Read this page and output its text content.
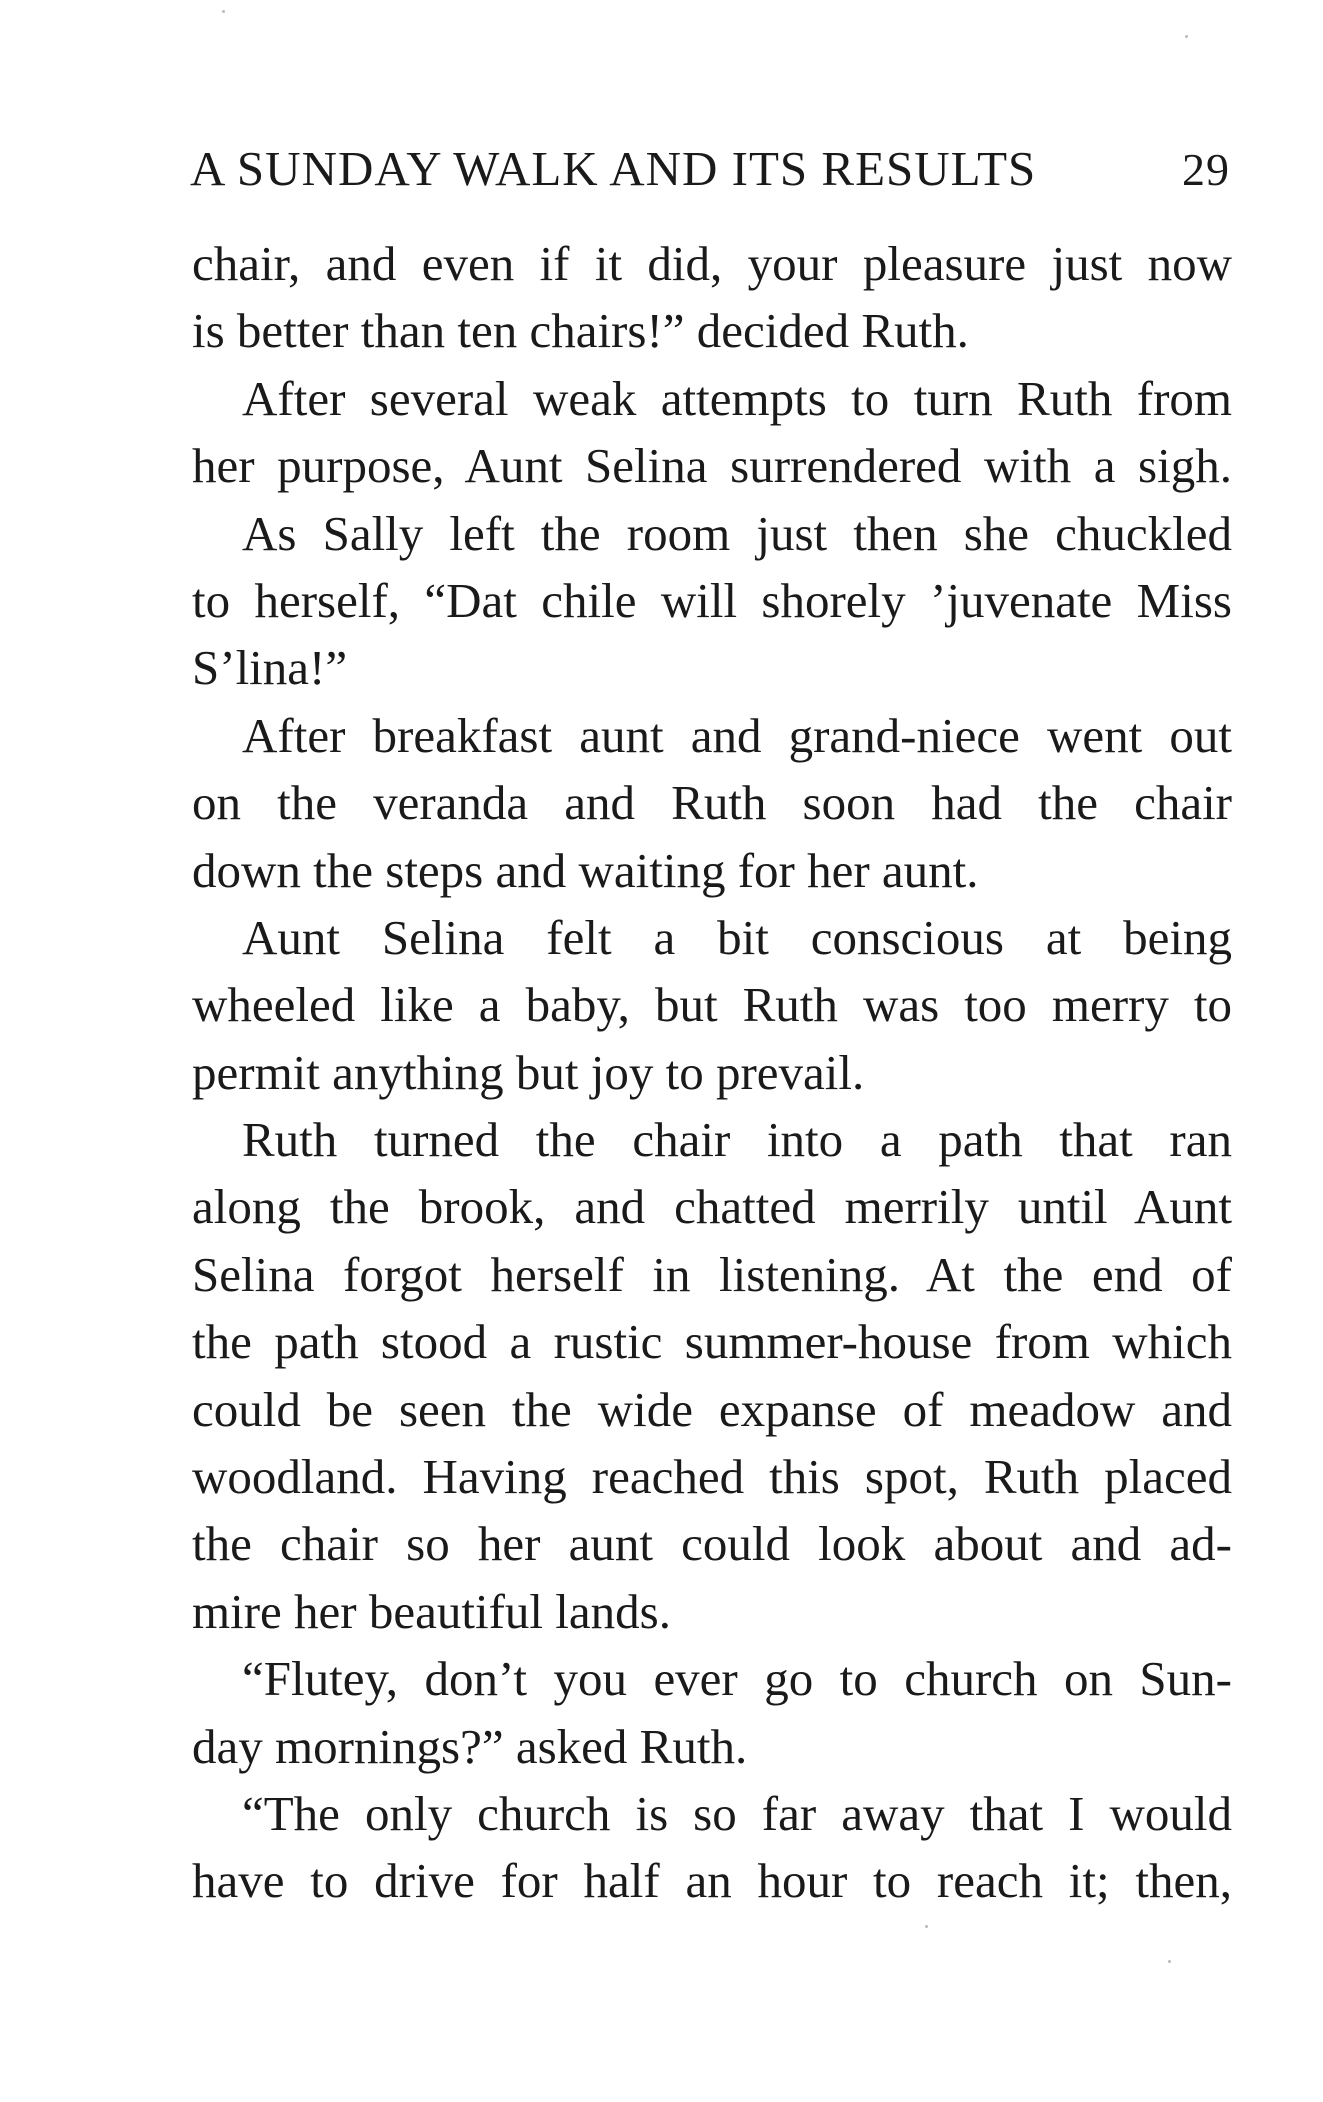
A SUNDAY WALK AND ITS RESULTS	29
chair, and even if it did, your pleasure just now
is better than ten chairs!” decided Ruth.
After several weak attempts to turn Ruth from
her purpose, Aunt Selina surrendered with a sigh.
As Sally left the room just then she chuckled
to herself, “Dat chile will shorely ’juvenate Miss
S’lina!”
After breakfast aunt and grand-niece went out
on the veranda and Ruth soon had the chair
down the steps and waiting for her aunt.
Aunt Selina felt a bit conscious at being
wheeled like a baby, but Ruth was too merry to
permit anything but joy to prevail.
Ruth turned the chair into a path that ran
along the brook, and chatted merrily until Aunt
Selina forgot herself in listening. At the end of
the path stood a rustic summer-house from which
could be seen the wide expanse of meadow and
woodland. Having reached this spot, Ruth placed
the chair so her aunt could look about and ad-
mire her beautiful lands.
“Flutey, don’t you ever go to church on Sun-
day mornings?” asked Ruth.
“The only church is so far away that I would
have to drive for half an hour to reach it; then,
